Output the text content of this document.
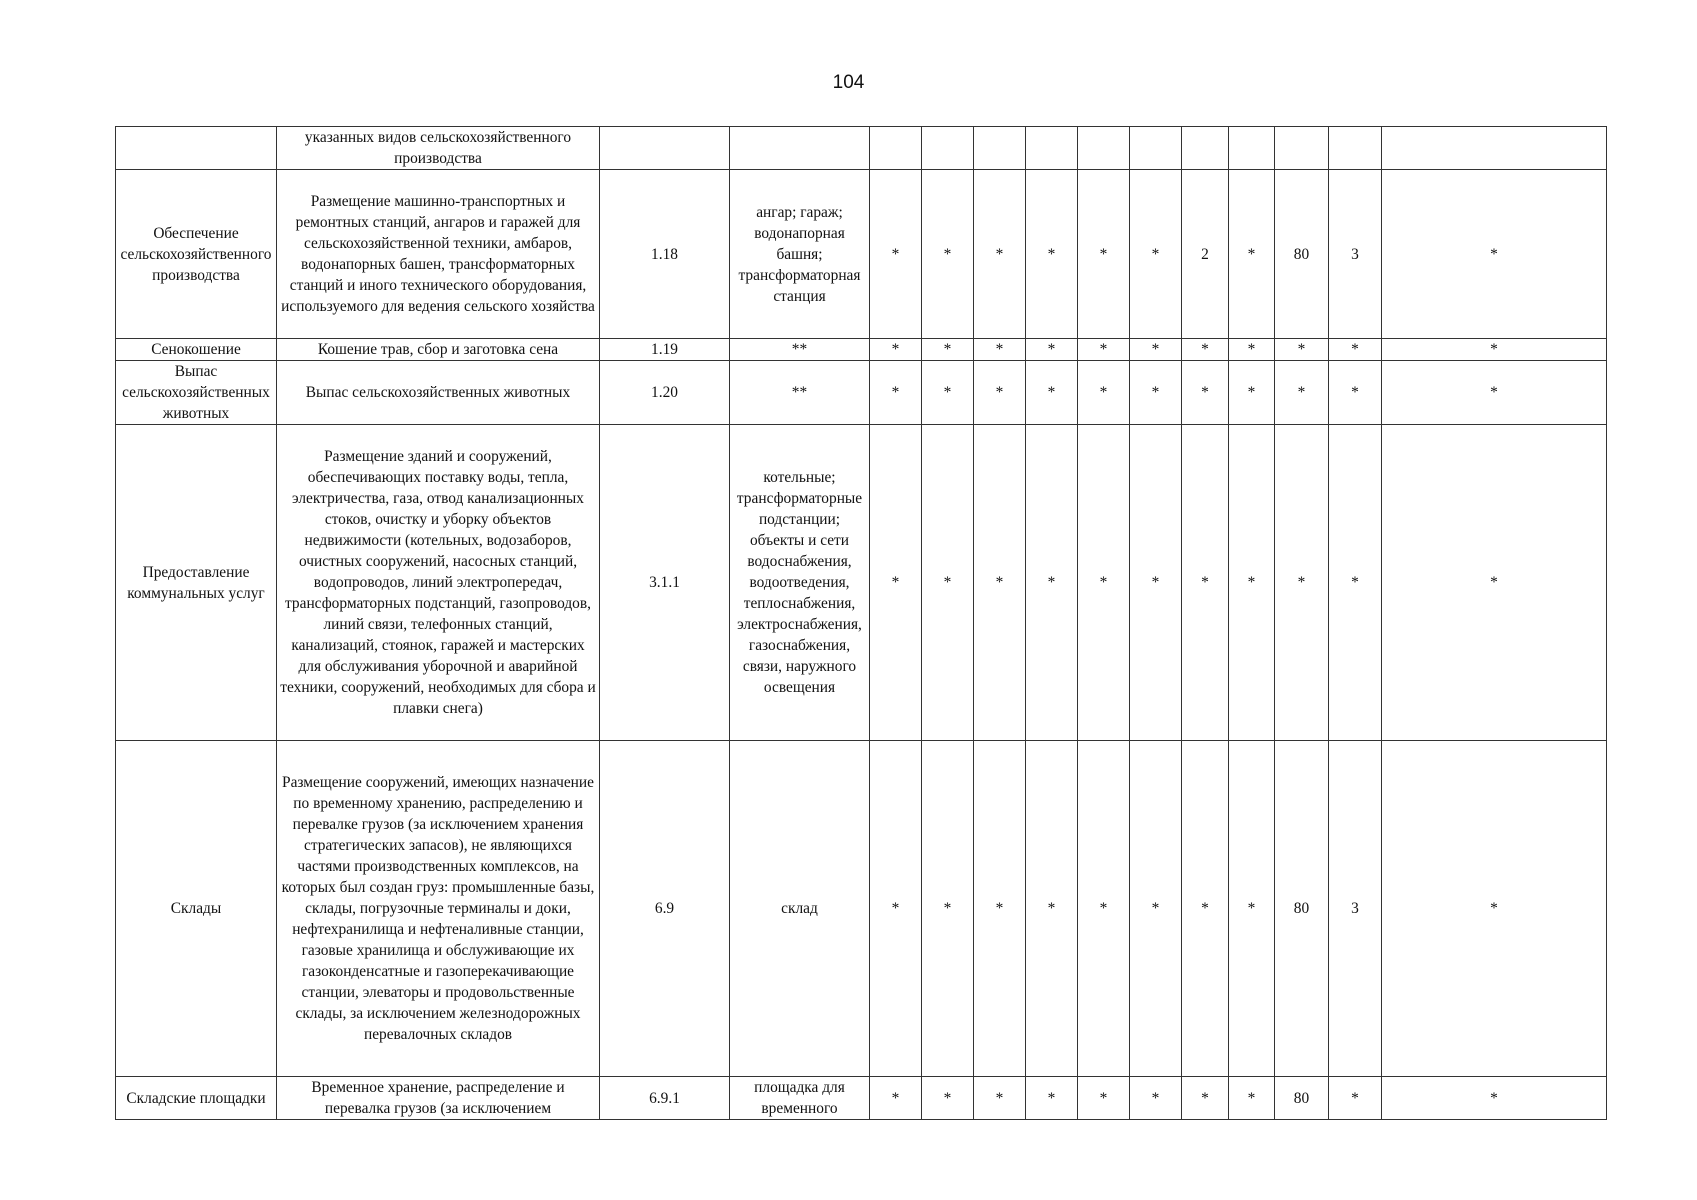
104
	указанных видов сельскохозяйственного производства													
Обеспечение сельскохозяйственного производства	Размещение машинно-транспортных и ремонтных станций, ангаров и гаражей для сельскохозяйственной техники, амбаров, водонапорных башен, трансформаторных станций и иного технического оборудования, используемого для ведения сельского хозяйства	1.18	ангар; гараж; водонапорная башня; трансформаторная станция	*	*	*	*	*	*	2	*	80	3	*
Сенокошение	Кошение трав, сбор и заготовка сена	1.19	**	*	*	*	*	*	*	*	*	*	*	*
Выпас сельскохозяйственных животных	Выпас сельскохозяйственных животных	1.20	**	*	*	*	*	*	*	*	*	*	*	*
Предоставление коммунальных услуг	Размещение зданий и сооружений, обеспечивающих поставку воды, тепла, электричества, газа, отвод канализационных стоков, очистку и уборку объектов недвижимости (котельных, водозаборов, очистных сооружений, насосных станций, водопроводов, линий электропередач, трансформаторных подстанций, газопроводов, линий связи, телефонных станций, канализаций, стоянок, гаражей и мастерских для обслуживания уборочной и аварийной техники, сооружений, необходимых для сбора и плавки снега)	3.1.1	котельные; трансформаторные подстанции; объекты и сети водоснабжения, водоотведения, теплоснабжения, электроснабжения, газоснабжения, связи, наружного освещения	*	*	*	*	*	*	*	*	*	*	*
Склады	Размещение сооружений, имеющих назначение по временному хранению, распределению и перевалке грузов (за исключением хранения стратегических запасов), не являющихся частями производственных комплексов, на которых был создан груз: промышленные базы, склады, погрузочные терминалы и доки, нефтехранилища и нефтеналивные станции, газовые хранилища и обслуживающие их газоконденсатные и газоперекачивающие станции, элеваторы и продовольственные склады, за исключением железнодорожных перевалочных складов	6.9	склад	*	*	*	*	*	*	*	*	80	3	*
Складские площадки	Временное хранение, распределение и перевалка грузов (за исключением	6.9.1	площадка для временного	*	*	*	*	*	*	*	*	80	*	*
